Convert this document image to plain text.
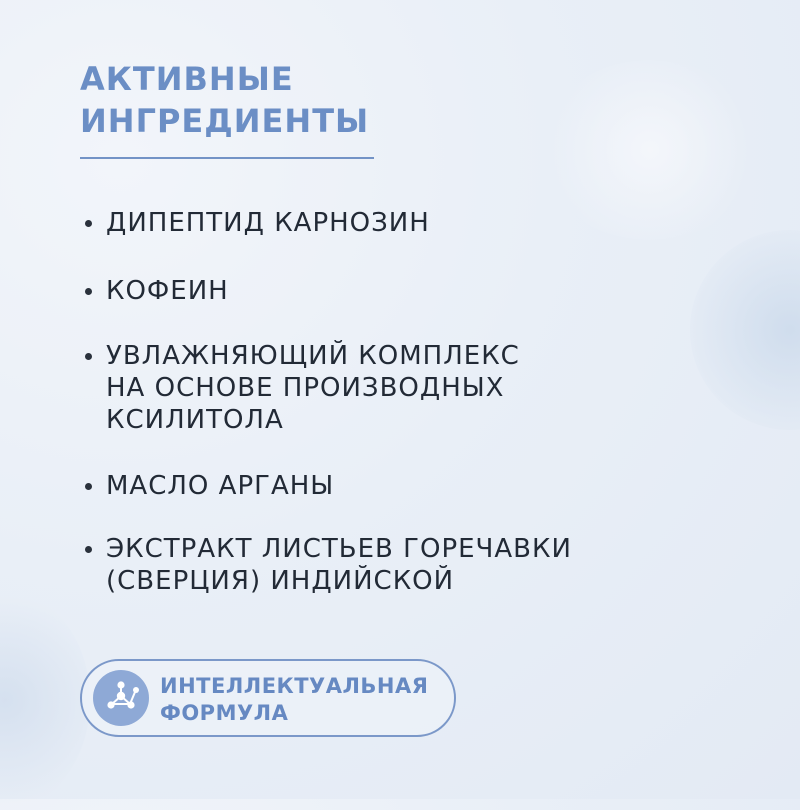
АКТИВНЫЕ
ИНГРЕДИЕНТЫ
ДИПЕПТИД КАРНОЗИН
КОФЕИН
УВЛАЖНЯЮЩИЙ КОМПЛЕКС
НА ОСНОВЕ ПРОИЗВОДНЫХ
КСИЛИТОЛА
МАСЛО АРГАНЫ
ЭКСТРАКТ ЛИСТЬЕВ ГОРЕЧАВКИ
(СВЕРЦИЯ) ИНДИЙСКОЙ
ИНТЕЛЛЕКТУАЛЬНАЯ
ФОРМУЛА
